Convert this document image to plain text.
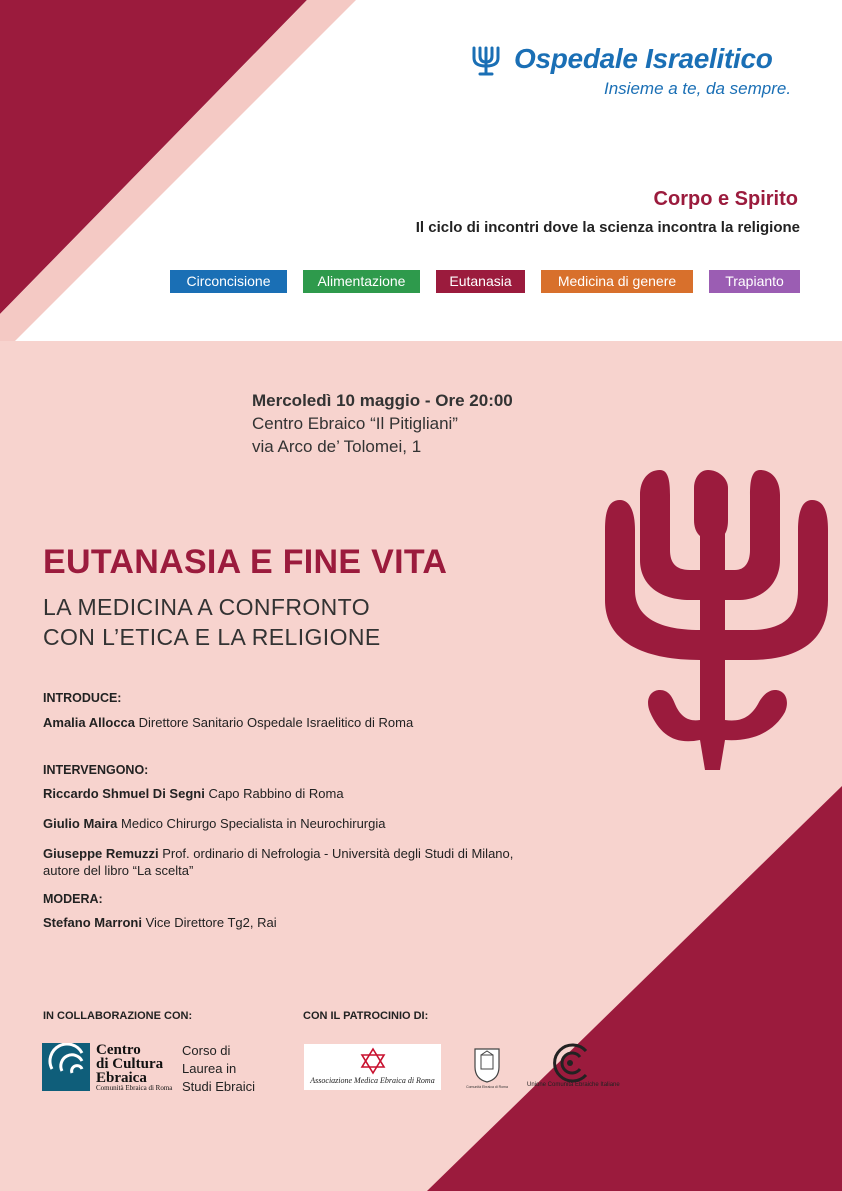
Ospedale Israelitico
Insieme a te, da sempre.
Corpo e Spirito
Il ciclo di incontri dove la scienza incontra la religione
Circoncisione	Alimentazione	Eutanasia	Medicina di genere	Trapianto
Mercoledì 10 maggio - Ore 20:00
Centro Ebraico “Il Pitigliani”
via Arco de’ Tolomei, 1
EUTANASIA E FINE VITA
LA MEDICINA A CONFRONTO
CON L’ETICA E LA RELIGIONE
INTRODUCE:
Amalia Allocca Direttore Sanitario Ospedale Israelitico di Roma
INTERVENGONO:
Riccardo Shmuel Di Segni Capo Rabbino di Roma
Giulio Maira Medico Chirurgo Specialista in Neurochirurgia
Giuseppe Remuzzi Prof. ordinario di Nefrologia - Università degli Studi di Milano,
autore del libro “La scelta”
MODERA:
Stefano Marroni Vice Direttore Tg2, Rai
IN COLLABORAZIONE CON:	CON IL PATROCINIO DI:
Centro
di Cultura
Ebraica
Comunità Ebraica di Roma
Corso di
Laurea in
Studi Ebraici	Associazione Medica Ebraica di Roma
Comunità Ebraica di Roma	Unione Comunità Ebraiche Italiane
